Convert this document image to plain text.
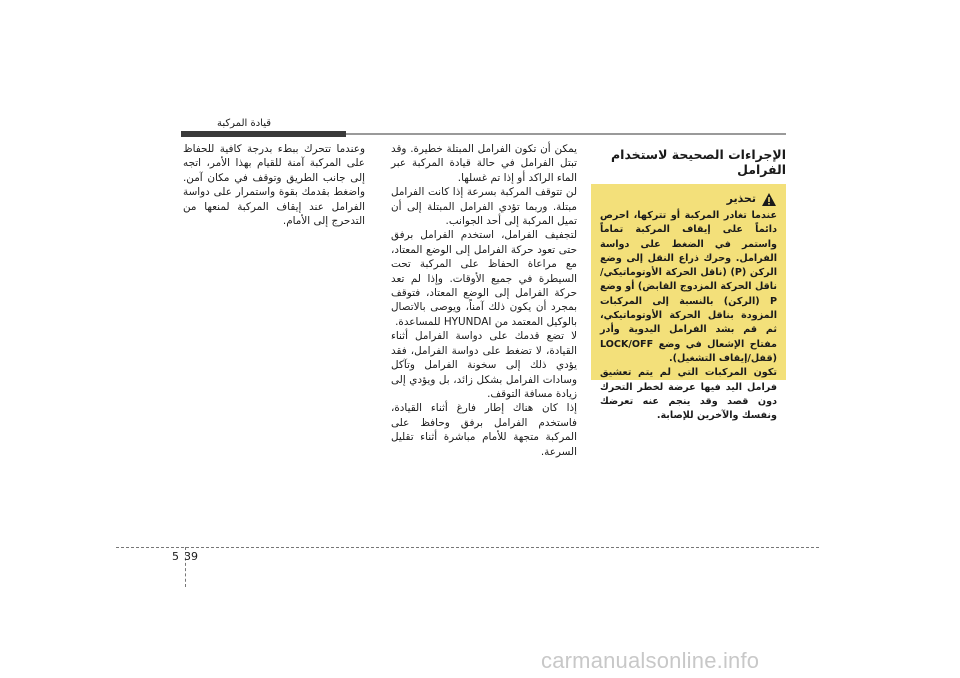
قيادة المركبة
الإجراءات الصحيحة لاستخدام الفرامل
تحذير

عندما تغادر المركبة أو تتركها، احرص دائماً على إيقاف المركبة تماماً واستمر في الضغط على دواسة الفرامل. وحرك ذراع النقل إلى وضع الركن (P) (ناقل الحركة الأوتوماتيكي/ناقل الحركة المزدوج القابض) أو وضع P (الركن) بالنسبة إلى المركبات المزودة بناقل الحركة الأوتوماتيكي، ثم قم بشد الفرامل اليدوية وأدر مفتاح الإشعال في وضع LOCK/OFF (قفل/إيقاف التشغيل).

تكون المركبات التي لم يتم تعشيق فرامل اليد فيها عرضة لخطر التحرك دون قصد وقد ينجم عنه تعرضك ونفسك والآخرين للإصابة.

يمكن أن تكون الفرامل المبتلة خطيرة. وقد تبتل الفرامل في حالة قيادة المركبة عبر الماء الراكد أو إذا تم غسلها.

لن تتوقف المركبة بسرعة إذا كانت الفرامل مبتلة. وربما تؤدي الفرامل المبتلة إلى أن تميل المركبة إلى أحد الجوانب.

لتجفيف الفرامل، استخدم الفرامل برفق حتى تعود حركة الفرامل إلى الوضع المعتاد، مع مراعاة الحفاظ على المركبة تحت السيطرة في جميع الأوقات. وإذا لم تعد حركة الفرامل إلى الوضع المعتاد، فتوقف بمجرد أن يكون ذلك آمناً، ويوصى بالاتصال بالوكيل المعتمد من HYUNDAI للمساعدة.

لا تضع قدمك على دواسة الفرامل أثناء القيادة، لا تضغط على دواسة الفرامل، فقد يؤدي ذلك إلى سخونة الفرامل وتآكل وسادات الفرامل بشكل زائد، بل ويؤدي إلى زيادة مسافة التوقف.

إذا كان هناك إطار فارغ أثناء القيادة، فاستخدم الفرامل برفق وحافظ على المركبة متجهة للأمام مباشرة أثناء تقليل السرعة.

وعندما تتحرك ببطء بدرجة كافية للحفاظ على المركبة آمنة للقيام بهذا الأمر، اتجه إلى جانب الطريق وتوقف في مكان آمن. واضغط بقدمك بقوة واستمرار على دواسة الفرامل عند إيقاف المركبة لمنعها من التدحرج إلى الأمام.

5 39
carmanualsonline.info
